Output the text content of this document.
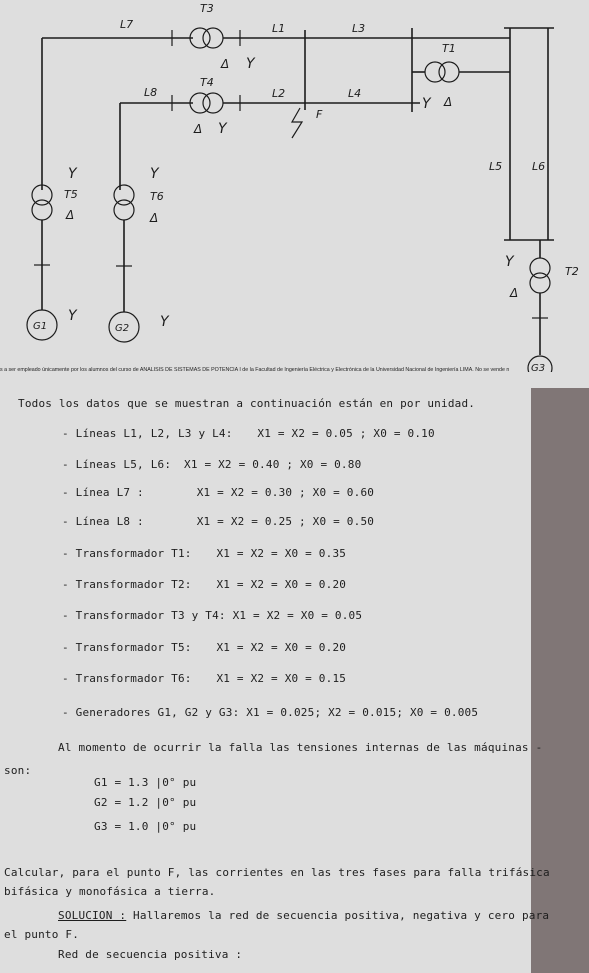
T3
L7	L1	L3
T1
T4
L8	L2	L4
F
L5	L6
T5	T6
T2
G1	G2
G3
Y
Δ
Y
Δ
Y Δ
Y	Y
Δ	Δ
Y
Δ
Y	Y
s a ser empleado únicamente por los alumnos del curso de ANALISIS DE SISTEMAS DE POTENCIA I de la Facultad de Ingeniería Eléctrica y Electrónica de la Universidad Nacional de Ingeniería LIMA. No se vende n
Todos los datos que se muestran a continuación están en por unidad.
- Líneas L1, L2, L3 y L4: X1 = X2 = 0.05 ; X0 = 0.10
- Líneas L5, L6: X1 = X2 = 0.40 ; X0 = 0.80
- Línea L7 :	X1 = X2 = 0.30 ; X0 = 0.60
- Línea L8 :	X1 = X2 = 0.25 ; X0 = 0.50
- Transformador T1: X1 = X2 = X0 = 0.35
- Transformador T2: X1 = X2 = X0 = 0.20
- Transformador T3 y T4: X1 = X2 = X0 = 0.05
- Transformador T5: X1 = X2 = X0 = 0.20
- Transformador T6: X1 = X2 = X0 = 0.15
- Generadores G1, G2 y G3: X1 = 0.025; X2 = 0.015; X0 = 0.005
Al momento de ocurrir la falla las tensiones internas de las máquinas -
son:
G1 = 1.3 |0° pu
G2 = 1.2 |0° pu
G3 = 1.0 |0° pu
Calcular, para el punto F, las corrientes en las tres fases para falla trifásica
bifásica y monofásica a tierra.
SOLUCION : Hallaremos la red de secuencia positiva, negativa y cero para
el punto F.
Red de secuencia positiva :
